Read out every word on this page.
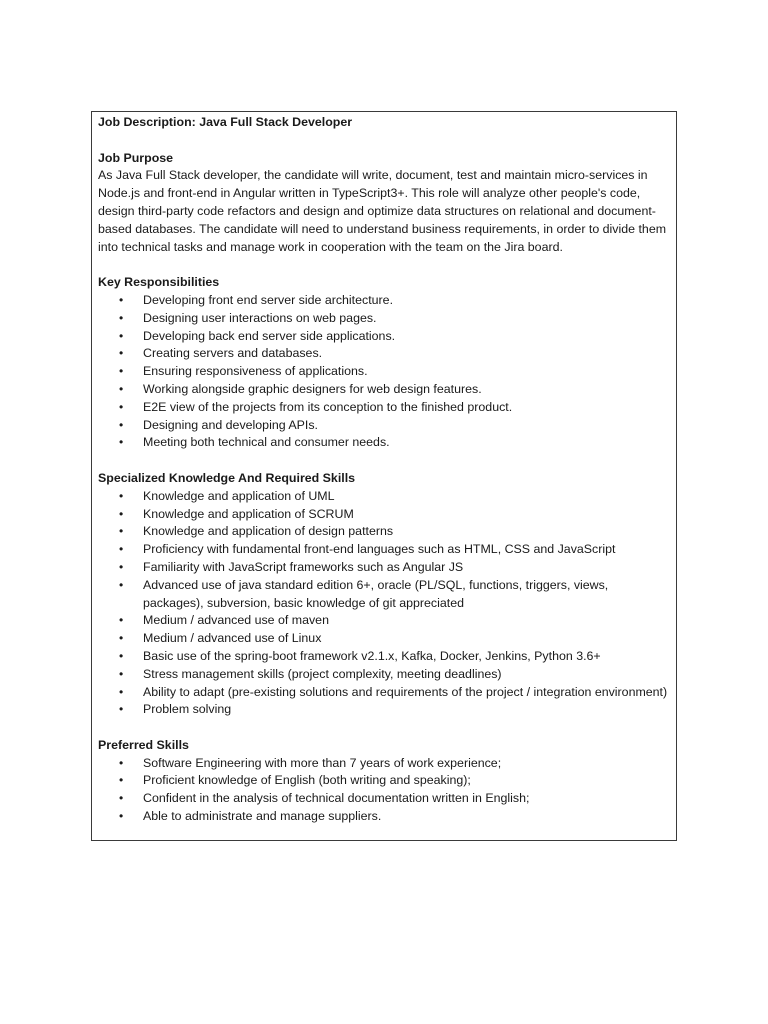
Job Description: Java Full Stack Developer

Job Purpose

As Java Full Stack developer, the candidate will write, document, test and maintain micro-services in Node.js and front-end in Angular written in TypeScript3+. This role will analyze other people's code, design third-party code refactors and design and optimize data structures on relational and document-based databases. The candidate will need to understand business requirements, in order to divide them into technical tasks and manage work in cooperation with the team on the Jira board.

Key Responsibilities

• Developing front end server side architecture.
• Designing user interactions on web pages.
• Developing back end server side applications.
• Creating servers and databases.
• Ensuring responsiveness of applications.
• Working alongside graphic designers for web design features.
• E2E view of the projects from its conception to the finished product.
• Designing and developing APIs.
• Meeting both technical and consumer needs.

Specialized Knowledge And Required Skills

• Knowledge and application of UML
• Knowledge and application of SCRUM
• Knowledge and application of design patterns
• Proficiency with fundamental front-end languages such as HTML, CSS and JavaScript
• Familiarity with JavaScript frameworks such as Angular JS
• Advanced use of java standard edition 6+, oracle (PL/SQL, functions, triggers, views, packages), subversion, basic knowledge of git appreciated
• Medium / advanced use of maven
• Medium / advanced use of Linux
• Basic use of the spring-boot framework v2.1.x, Kafka, Docker, Jenkins, Python 3.6+
• Stress management skills (project complexity, meeting deadlines)
• Ability to adapt (pre-existing solutions and requirements of the project / integration environment)
• Problem solving

Preferred Skills

• Software Engineering with more than 7 years of work experience;
• Proficient knowledge of English (both writing and speaking);
• Confident in the analysis of technical documentation written in English;
• Able to administrate and manage suppliers.
